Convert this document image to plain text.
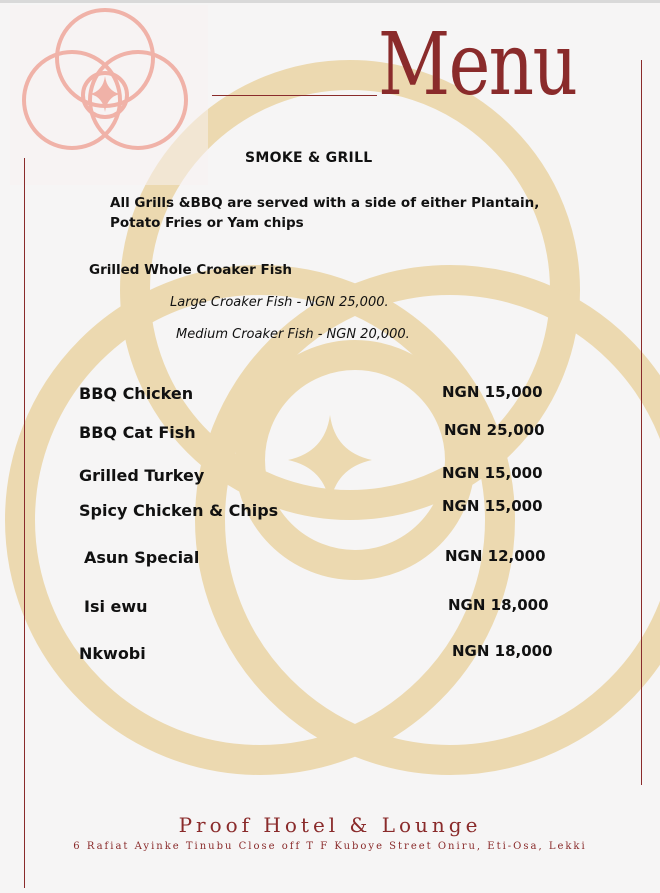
Menu
SMOKE & GRILL
All Grills &BBQ are served with a side of either Plantain, Potato Fries or Yam chips
Grilled Whole Croaker Fish
Large Croaker Fish - NGN 25,000.
Medium Croaker Fish - NGN 20,000.
BBQ Chicken	NGN 15,000
BBQ Cat Fish	NGN 25,000
Grilled Turkey	NGN 15,000
Spicy Chicken & Chips	NGN 15,000
Asun Special	NGN 12,000
Isi ewu	NGN 18,000
Nkwobi	NGN 18,000
Proof Hotel & Lounge
6 Rafiat Ayinke Tinubu Close off T F Kuboye Street Oniru, Eti-Osa, Lekki
